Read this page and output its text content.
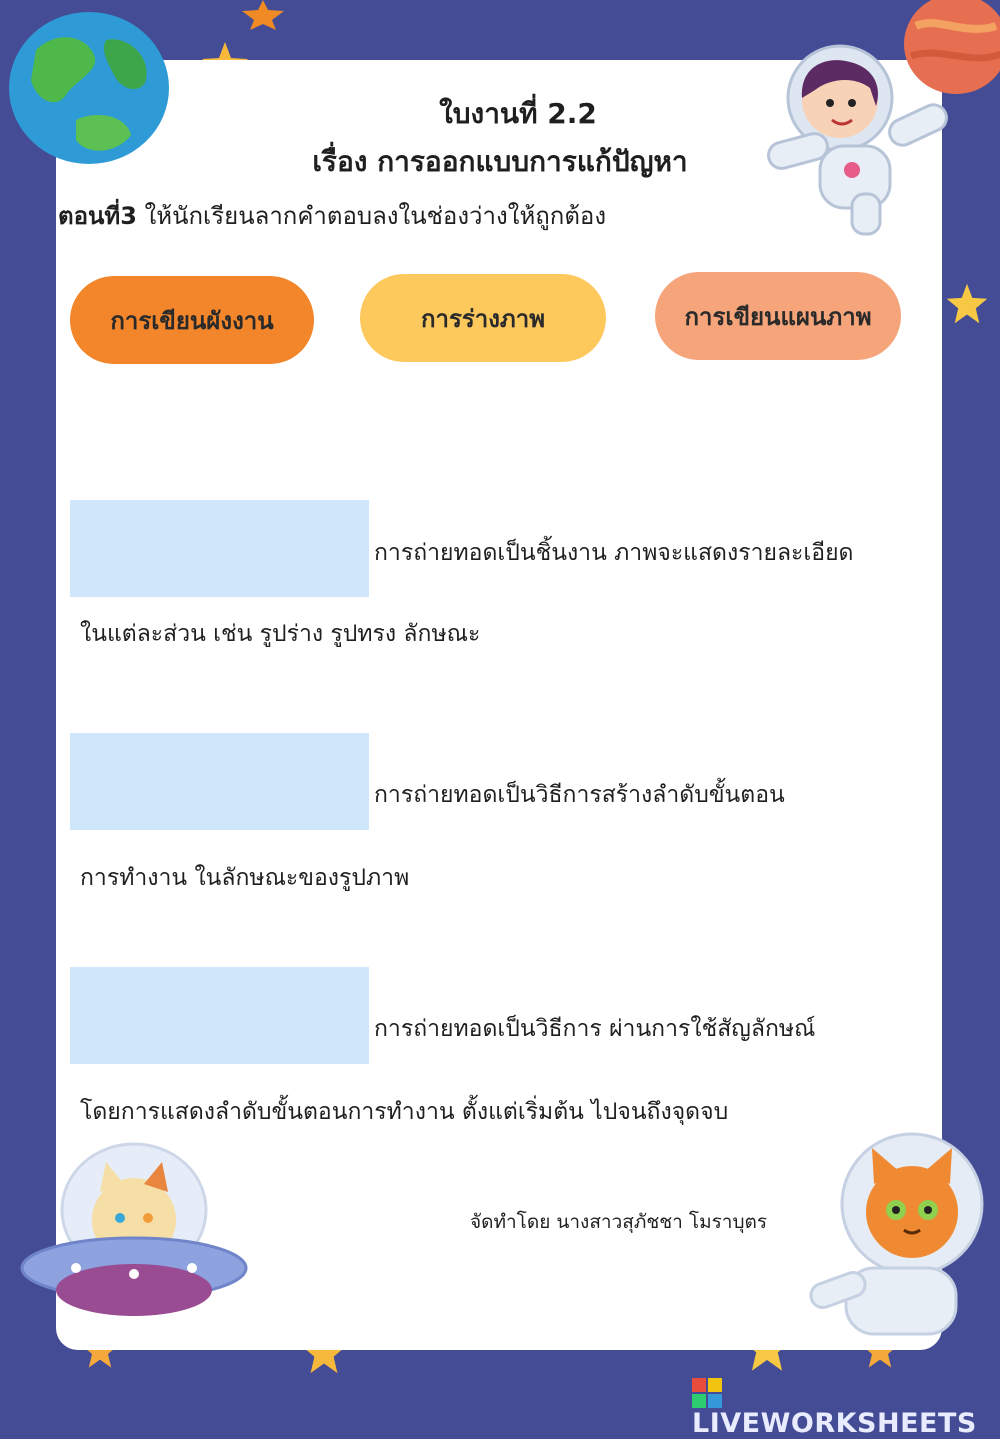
ใบงานที่ 2.2
เรื่อง การออกแบบการแก้ปัญหา
ตอนที่3 ให้นักเรียนลากคำตอบลงในช่องว่างให้ถูกต้อง
การเขียนผังงาน	การร่างภาพ	การเขียนแผนภาพ
การถ่ายทอดเป็นชิ้นงาน ภาพจะแสดงรายละเอียด
ในแต่ละส่วน เช่น รูปร่าง รูปทรง ลักษณะ
การถ่ายทอดเป็นวิธีการสร้างลำดับขั้นตอน
การทำงาน ในลักษณะของรูปภาพ
การถ่ายทอดเป็นวิธีการ ผ่านการใช้สัญลักษณ์
โดยการแสดงลำดับขั้นตอนการทำงาน ตั้งแต่เริ่มต้น ไปจนถึงจุดจบ
จัดทำโดย นางสาวสุภัชชา โมราบุตร
LIVEWORKSHEETS
